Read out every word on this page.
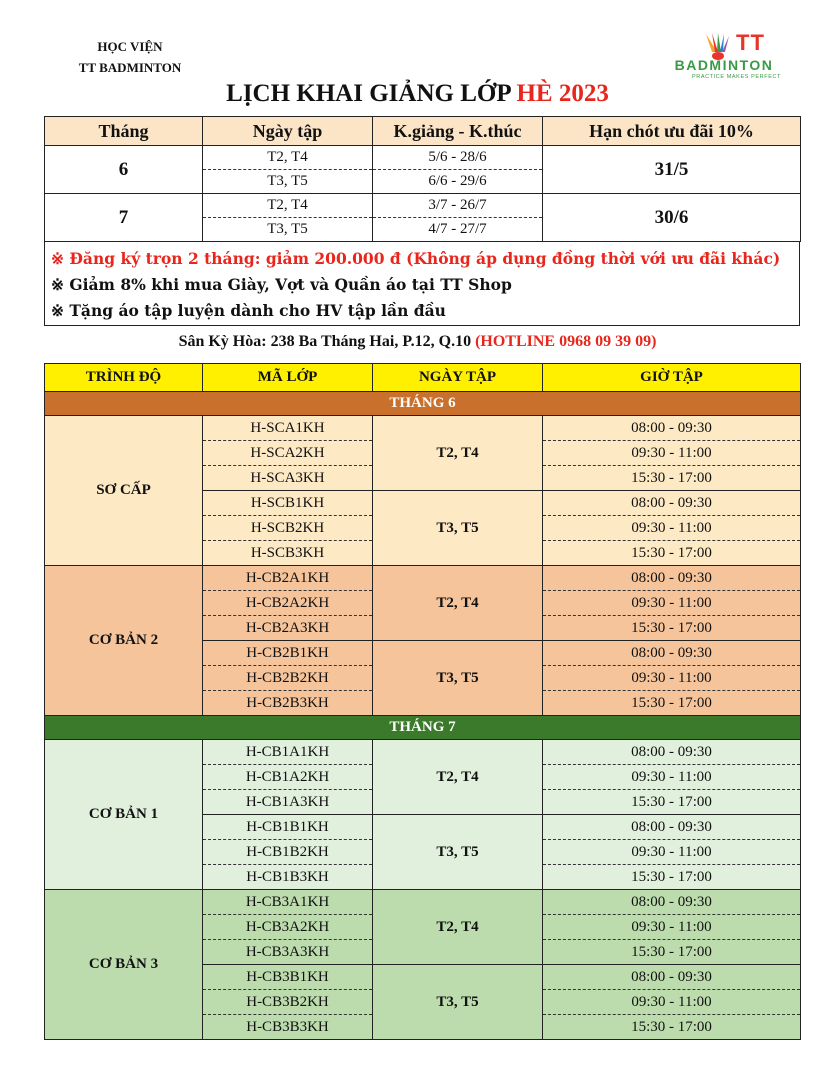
HỌC VIỆN
TT BADMINTON
TT
BADMINTON
PRACTICE MAKES PERFECT
LỊCH KHAI GIẢNG LỚP HÈ 2023
Tháng	Ngày tập	K.giảng - K.thúc	Hạn chót ưu đãi 10%
6	T2, T4	5/6 - 28/6	31/5
	T3, T5	6/6 - 29/6	
7	T2, T4	3/7 - 26/7	30/6
	T3, T5	4/7 - 27/7	
※ Đăng ký trọn 2 tháng: giảm 200.000 đ (Không áp dụng đồng thời với ưu đãi khác)
※ Giảm 8% khi mua Giày, Vợt và Quần áo tại TT Shop
※ Tặng áo tập luyện dành cho HV tập lần đầu
Sân Kỳ Hòa: 238 Ba Tháng Hai, P.12, Q.10 (HOTLINE 0968 09 39 09)
TRÌNH ĐỘ	MÃ LỚP	NGÀY TẬP	GIỜ TẬP
THÁNG 6			
SƠ CẤP	H-SCA1KH	T2, T4	08:00 - 09:30
	H-SCA2KH		09:30 - 11:00
	H-SCA3KH		15:30 - 17:00
	H-SCB1KH	T3, T5	08:00 - 09:30
	H-SCB2KH		09:30 - 11:00
	H-SCB3KH		15:30 - 17:00
CƠ BẢN 2	H-CB2A1KH	T2, T4	08:00 - 09:30
	H-CB2A2KH		09:30 - 11:00
	H-CB2A3KH		15:30 - 17:00
	H-CB2B1KH	T3, T5	08:00 - 09:30
	H-CB2B2KH		09:30 - 11:00
	H-CB2B3KH		15:30 - 17:00
THÁNG 7			
CƠ BẢN 1	H-CB1A1KH	T2, T4	08:00 - 09:30
	H-CB1A2KH		09:30 - 11:00
	H-CB1A3KH		15:30 - 17:00
	H-CB1B1KH	T3, T5	08:00 - 09:30
	H-CB1B2KH		09:30 - 11:00
	H-CB1B3KH		15:30 - 17:00
CƠ BẢN 3	H-CB3A1KH	T2, T4	08:00 - 09:30
	H-CB3A2KH		09:30 - 11:00
	H-CB3A3KH		15:30 - 17:00
	H-CB3B1KH	T3, T5	08:00 - 09:30
	H-CB3B2KH		09:30 - 11:00
	H-CB3B3KH		15:30 - 17:00
